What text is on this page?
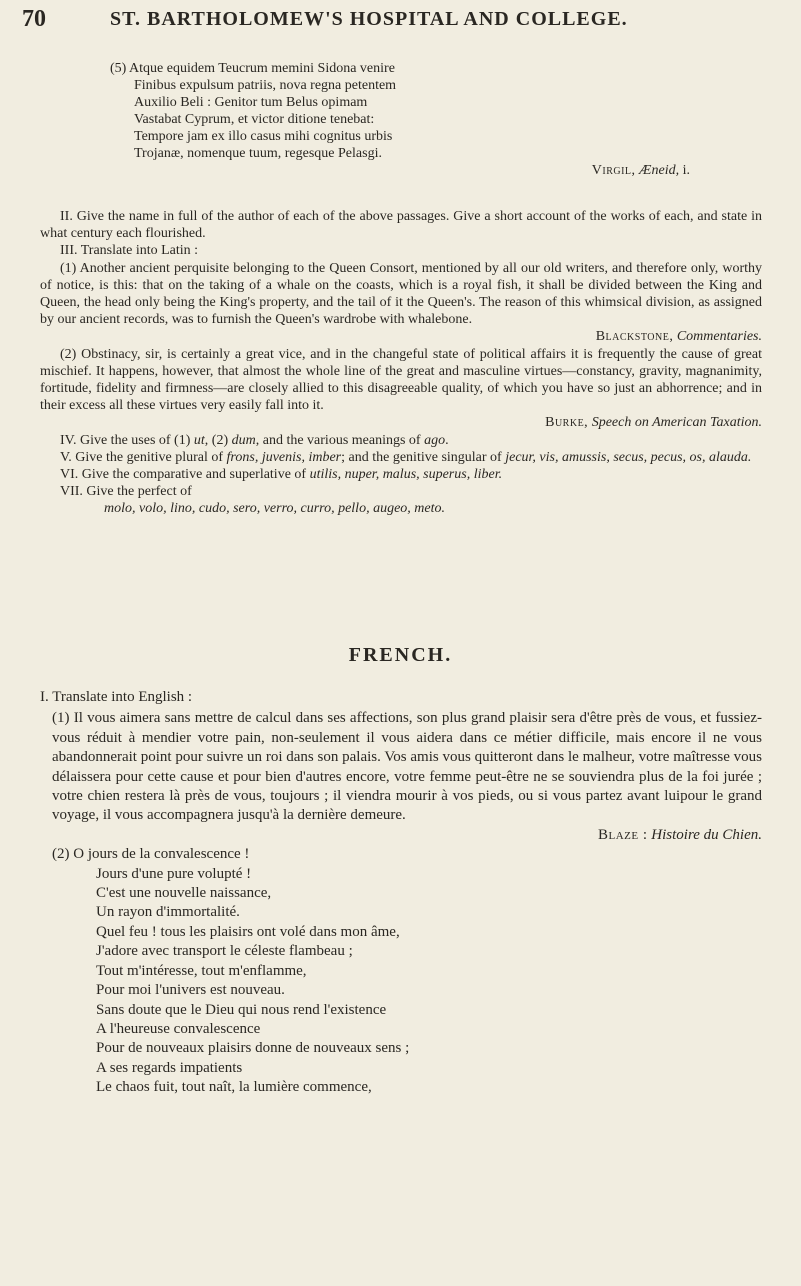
70	ST. BARTHOLOMEW'S HOSPITAL AND COLLEGE.
(5) Atque equidem Teucrum memini Sidona venire
Finibus expulsum patriis, nova regna petentem
Auxilio Beli : Genitor tum Belus opimam
Vastabat Cyprum, et victor ditione tenebat:
Tempore jam ex illo casus mihi cognitus urbis
Trojanæ, nomenque tuum, regesque Pelasgi.
Virgil, Æneid, i.

II. Give the name in full of the author of each of the above passages. Give a short account of the works of each, and state in what century each flourished.

III. Translate into Latin :

(1) Another ancient perquisite belonging to the Queen Consort, mentioned by all our old writers, and therefore only, worthy of notice, is this: that on the taking of a whale on the coasts, which is a royal fish, it shall be divided between the King and Queen, the head only being the King's property, and the tail of it the Queen's. The reason of this whimsical division, as assigned by our ancient records, was to furnish the Queen's wardrobe with whalebone.

Blackstone, Commentaries.

(2) Obstinacy, sir, is certainly a great vice, and in the changeful state of political affairs it is frequently the cause of great mischief. It happens, however, that almost the whole line of the great and masculine virtues—constancy, gravity, magnanimity, fortitude, fidelity and firmness—are closely allied to this disagreeable quality, of which you have so just an abhorrence; and in their excess all these virtues very easily fall into it.

Burke, Speech on American Taxation.

IV. Give the uses of (1) ut, (2) dum, and the various meanings of ago.

V. Give the genitive plural of frons, juvenis, imber; and the genitive singular of jecur, vis, amussis, secus, pecus, os, alauda.

VI. Give the comparative and superlative of utilis, nuper, malus, superus, liber.

VII. Give the perfect of

molo, volo, lino, cudo, sero, verro, curro, pello, augeo, meto.

FRENCH.

I. Translate into English :

(1) Il vous aimera sans mettre de calcul dans ses affections, son plus grand plaisir sera d'être près de vous, et fussiez-vous réduit à mendier votre pain, non-seulement il vous aidera dans ce métier difficile, mais encore il ne vous abandonnerait point pour suivre un roi dans son palais. Vos amis vous quitteront dans le malheur, votre maîtresse vous délaissera pour cette cause et pour bien d'autres encore, votre femme peut-être ne se souviendra plus de la foi jurée ; votre chien restera là près de vous, toujours ; il viendra mourir à vos pieds, ou si vous partez avant luipour le grand voyage, il vous accompagnera jusqu'à la dernière demeure.

Blaze : Histoire du Chien.

(2) O jours de la convalescence !
Jours d'une pure volupté !
C'est une nouvelle naissance,
Un rayon d'immortalité.
Quel feu ! tous les plaisirs ont volé dans mon âme,
J'adore avec transport le céleste flambeau ;
Tout m'intéresse, tout m'enflamme,
Pour moi l'univers est nouveau.
Sans doute que le Dieu qui nous rend l'existence
A l'heureuse convalescence
Pour de nouveaux plaisirs donne de nouveaux sens ;
A ses regards impatients
Le chaos fuit, tout naît, la lumière commence,
